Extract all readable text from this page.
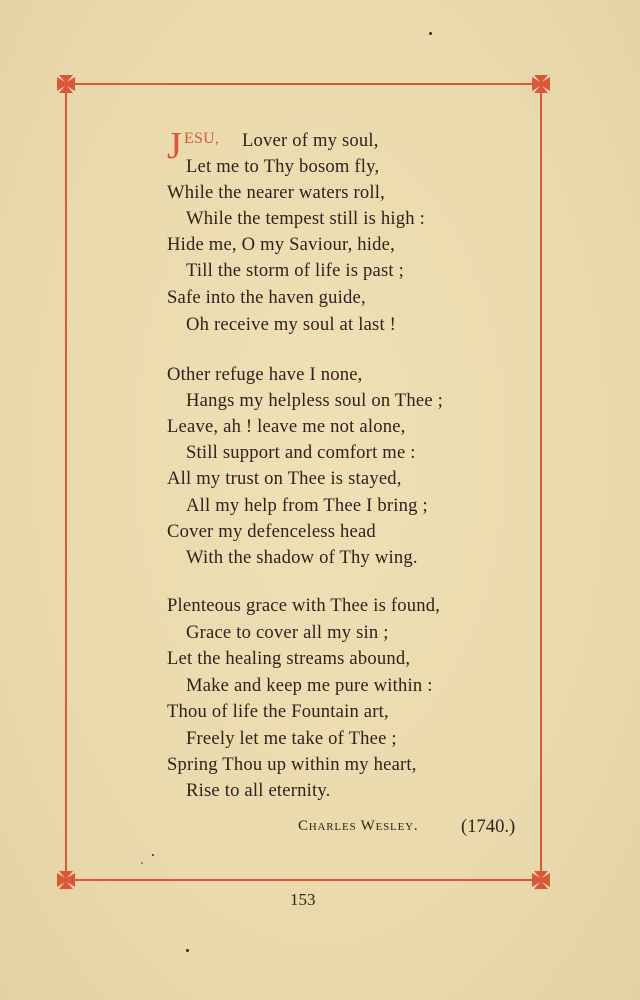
J ESU, Lover of my soul,
Let me to Thy bosom fly,
While the nearer waters roll,
While the tempest still is high :
Hide me, O my Saviour, hide,
Till the storm of life is past ;
Safe into the haven guide,
Oh receive my soul at last !
Other refuge have I none,
Hangs my helpless soul on Thee ;
Leave, ah ! leave me not alone,
Still support and comfort me :
All my trust on Thee is stayed,
All my help from Thee I bring ;
Cover my defenceless head
With the shadow of Thy wing.
Plenteous grace with Thee is found,
Grace to cover all my sin ;
Let the healing streams abound,
Make and keep me pure within :
Thou of life the Fountain art,
Freely let me take of Thee ;
Spring Thou up within my heart,
Rise to all eternity.
Charles Wesley. (1740.)
153
